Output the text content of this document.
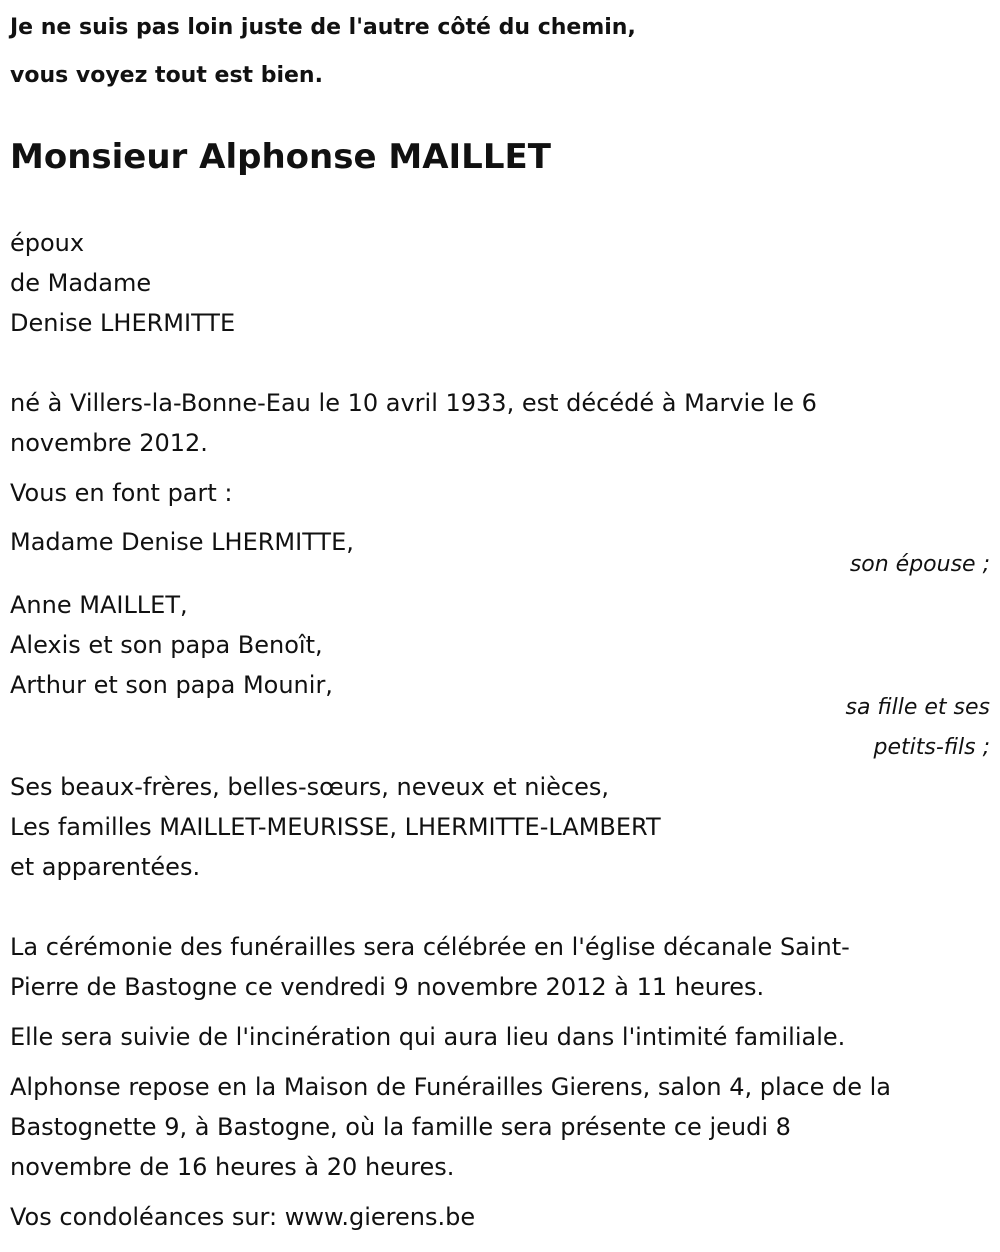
Je ne suis pas loin juste de l'autre côté du chemin,
vous voyez tout est bien.
Monsieur Alphonse MAILLET
époux
de Madame
Denise LHERMITTE
né à Villers-la-Bonne-Eau le 10 avril 1933, est décédé à Marvie le 6
novembre 2012.
Vous en font part :
Madame Denise LHERMITTE,
son épouse ;
Anne MAILLET,
Alexis et son papa Benoît,
Arthur et son papa Mounir,
sa fille et ses
petits-fils ;
Ses beaux-frères, belles-sœurs, neveux et nièces,
Les familles MAILLET-MEURISSE, LHERMITTE-LAMBERT
et apparentées.
La cérémonie des funérailles sera célébrée en l'église décanale Saint-
Pierre de Bastogne ce vendredi 9 novembre 2012 à 11 heures.
Elle sera suivie de l'incinération qui aura lieu dans l'intimité familiale.
Alphonse repose en la Maison de Funérailles Gierens, salon 4, place de la
Bastognette 9, à Bastogne, où la famille sera présente ce jeudi 8
novembre de 16 heures à 20 heures.
Vos condoléances sur: www.gierens.be
